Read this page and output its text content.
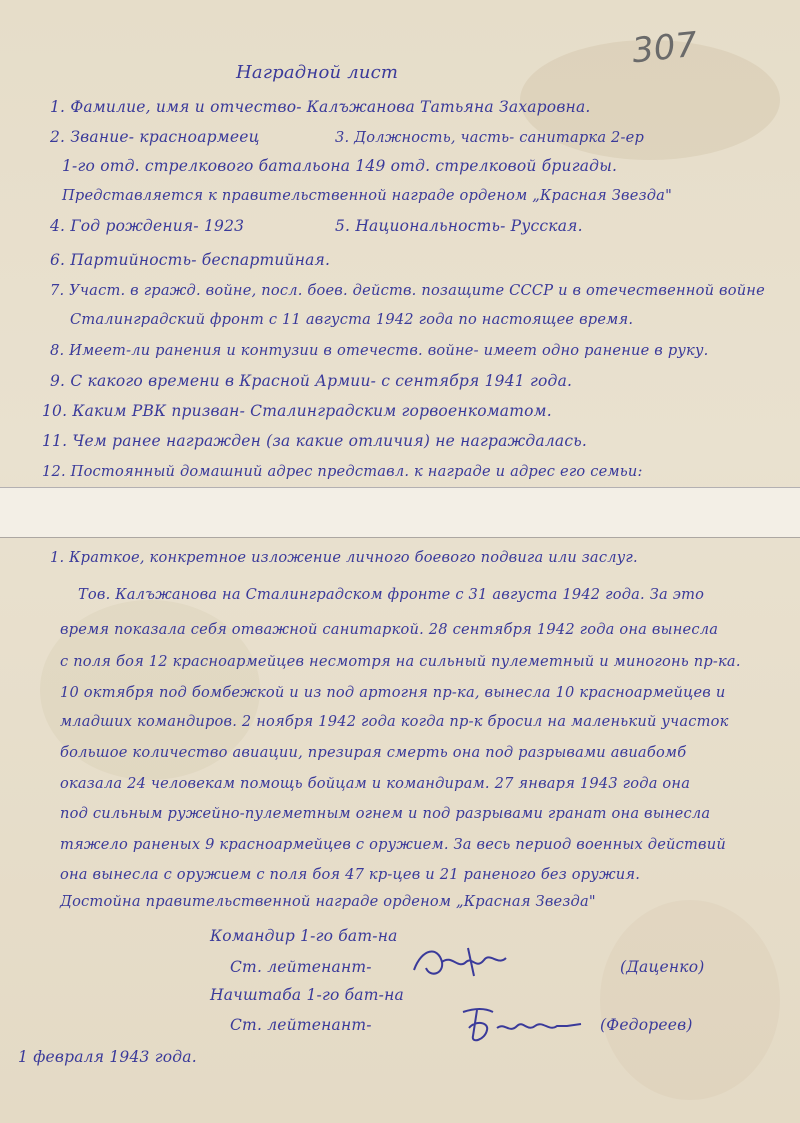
307
Наградной лист
1. Фамилие, имя и отчество- Калъжанова Татьяна Захаровна.
2. Звание- красноармеец	3. Должность, часть- санитарка 2-ер
1-го отд. стрелкового батальона 149 отд. стрелковой бригады.
Представляется к правительственной награде орденом „Красная Звезда"
4. Год рождения- 1923	5. Национальность- Русская.
6. Партийность- беспартийная.
7. Участ. в гражд. войне, посл. боев. действ. позащите СССР и в отечественной войне
Сталинградский фронт с 11 августа 1942 года по настоящее время.
8. Имеет-ли ранения и контузии в отечеств. войне- имеет одно ранение в руку.
9. С какого времени в Красной Армии- с сентября 1941 года.
10. Каким РВК призван- Сталинградским горвоенкоматом.
11. Чем ранее награжден (за какие отличия) не награждалась.
12. Постоянный домашний адрес представл. к награде и адрес его семьи:
1. Краткое, конкретное изложение личного боевого подвига или заслуг.
Тов. Калъжанова на Сталинградском фронте с 31 августа 1942 года. За это
время показала себя отважной санитаркой. 28 сентября 1942 года она вынесла
с поля боя 12 красноармейцев несмотря на сильный пулеметный и минoгонь пр-ка.
10 октября под бомбежкой и из под артогня пр-ка, вынесла 10 красноармейцев и
младших командиров. 2 ноября 1942 года когда пр-к бросил на маленький участок
большое количество авиации, презирая смерть она под разрывами авиабомб
оказала 24 человекам помощь бойцам и командирам. 27 января 1943 года она
под сильным ружейно-пулеметным огнем и под разрывами гранат она вынесла
тяжело раненых 9 красноармейцев с оружием. За весь период военных действий
она вынесла с оружием с поля боя 47 кр-цев и 21 раненого без оружия.
Достойна правительственной награде орденом „Красная Звезда"
Командир 1-го бат-на
Ст. лейтенант-	(Даценко)
Начштаба 1-го бат-на
Ст. лейтенант-	(Федореев)
1 февраля 1943 года.
